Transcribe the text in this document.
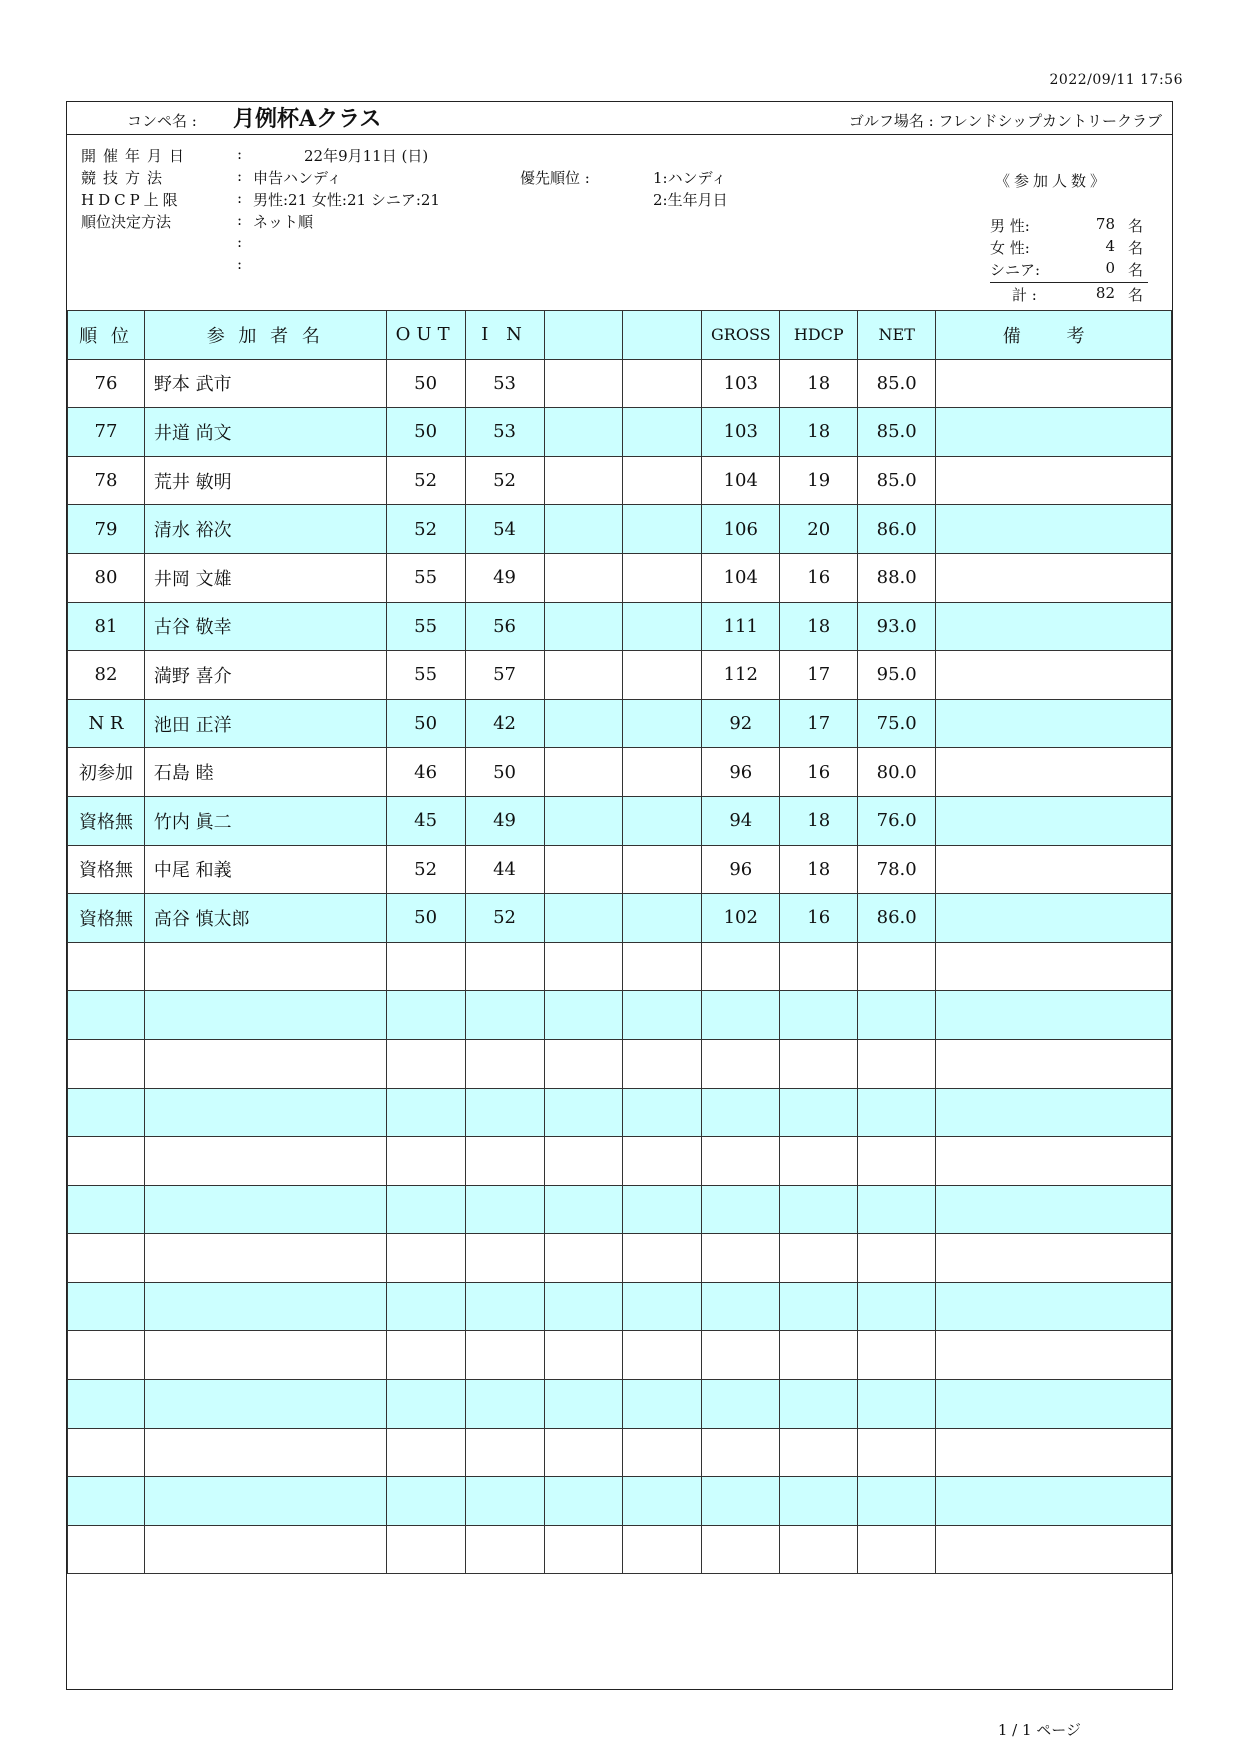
2022/09/11 17:56
コンペ名 : 月例杯Aクラス	ゴルフ場名 : フレンドシップカントリークラブ
開催年月日	:	22年9月11日 (日)
競技方法	: 申告ハンディ	優先順位 :	1:ハンディ
HDCP上限	: 男性:21 女性:21 シニア:21	2:生年月日
順位決定方法	: ネット順
:
:
《参加人数》
男 性:	78 名
女 性:	4 名
シニア:	0 名
計 :	82 名
順 位	参 加 者 名	OUT	I N			GROSS	HDCP	NET	備 考
76	野本 武市	50	53			103	18	85.0	
77	井道 尚文	50	53			103	18	85.0	
78	荒井 敏明	52	52			104	19	85.0	
79	清水 裕次	52	54			106	20	86.0	
80	井岡 文雄	55	49			104	16	88.0	
81	古谷 敬幸	55	56			111	18	93.0	
82	満野 喜介	55	57			112	17	95.0	
N R	池田 正洋	50	42			92	17	75.0	
初参加	石島 睦	46	50			96	16	80.0	
資格無	竹内 眞二	45	49			94	18	76.0	
資格無	中尾 和義	52	44			96	18	78.0	
資格無	高谷 慎太郎	50	52			102	16	86.0	

1 / 1 ページ
